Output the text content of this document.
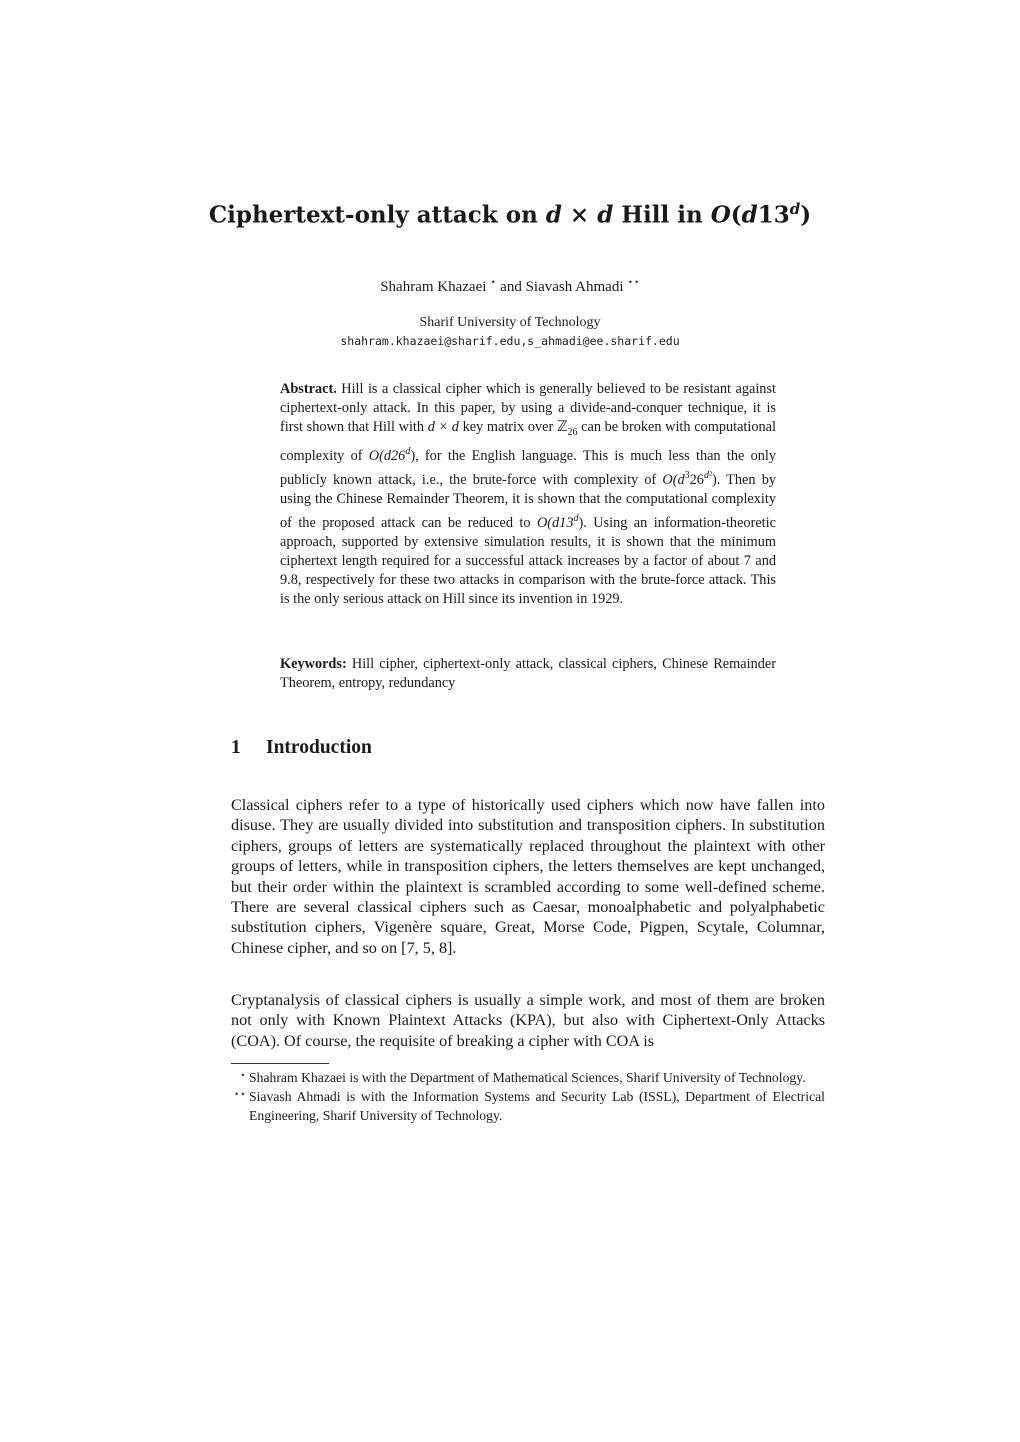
Ciphertext-only attack on d × d Hill in O(d13$^d$)
Shahram Khazaei ⋆ and Siavash Ahmadi ⋆⋆
Sharif University of Technology
shahram.khazaei@sharif.edu,s_ahmadi@ee.sharif.edu
Abstract. Hill is a classical cipher which is generally believed to be resistant against ciphertext-only attack. In this paper, by using a divide-and-conquer technique, it is first shown that Hill with d × d key matrix over ℤ$_{26}$ can be broken with computational complexity of O(d26$^d$), for the English language. This is much less than the only publicly known attack, i.e., the brute-force with complexity of $O(d^326^{d^2})$. Then by using the Chinese Remainder Theorem, it is shown that the computational complexity of the proposed attack can be reduced to O(d13$^d$). Using an information-theoretic approach, supported by extensive simulation results, it is shown that the minimum ciphertext length required for a successful attack increases by a factor of about 7 and 9.8, respectively for these two attacks in comparison with the brute-force attack. This is the only serious attack on Hill since its invention in 1929.
Keywords: Hill cipher, ciphertext-only attack, classical ciphers, Chinese Remainder Theorem, entropy, redundancy
1 Introduction
Classical ciphers refer to a type of historically used ciphers which now have fallen into disuse. They are usually divided into substitution and transposition ciphers. In substitution ciphers, groups of letters are systematically replaced throughout the plaintext with other groups of letters, while in transposition ciphers, the letters themselves are kept unchanged, but their order within the plaintext is scrambled according to some well-defined scheme. There are several classical ciphers such as Caesar, monoalphabetic and polyalphabetic substitution ciphers, Vigenère square, Great, Morse Code, Pigpen, Scytale, Columnar, Chinese cipher, and so on [7, 5, 8].
Cryptanalysis of classical ciphers is usually a simple work, and most of them are broken not only with Known Plaintext Attacks (KPA), but also with Ciphertext-Only Attacks (COA). Of course, the requisite of breaking a cipher with COA is
⋆ Shahram Khazaei is with the Department of Mathematical Sciences, Sharif University of Technology.
⋆⋆ Siavash Ahmadi is with the Information Systems and Security Lab (ISSL), Department of Electrical Engineering, Sharif University of Technology.
